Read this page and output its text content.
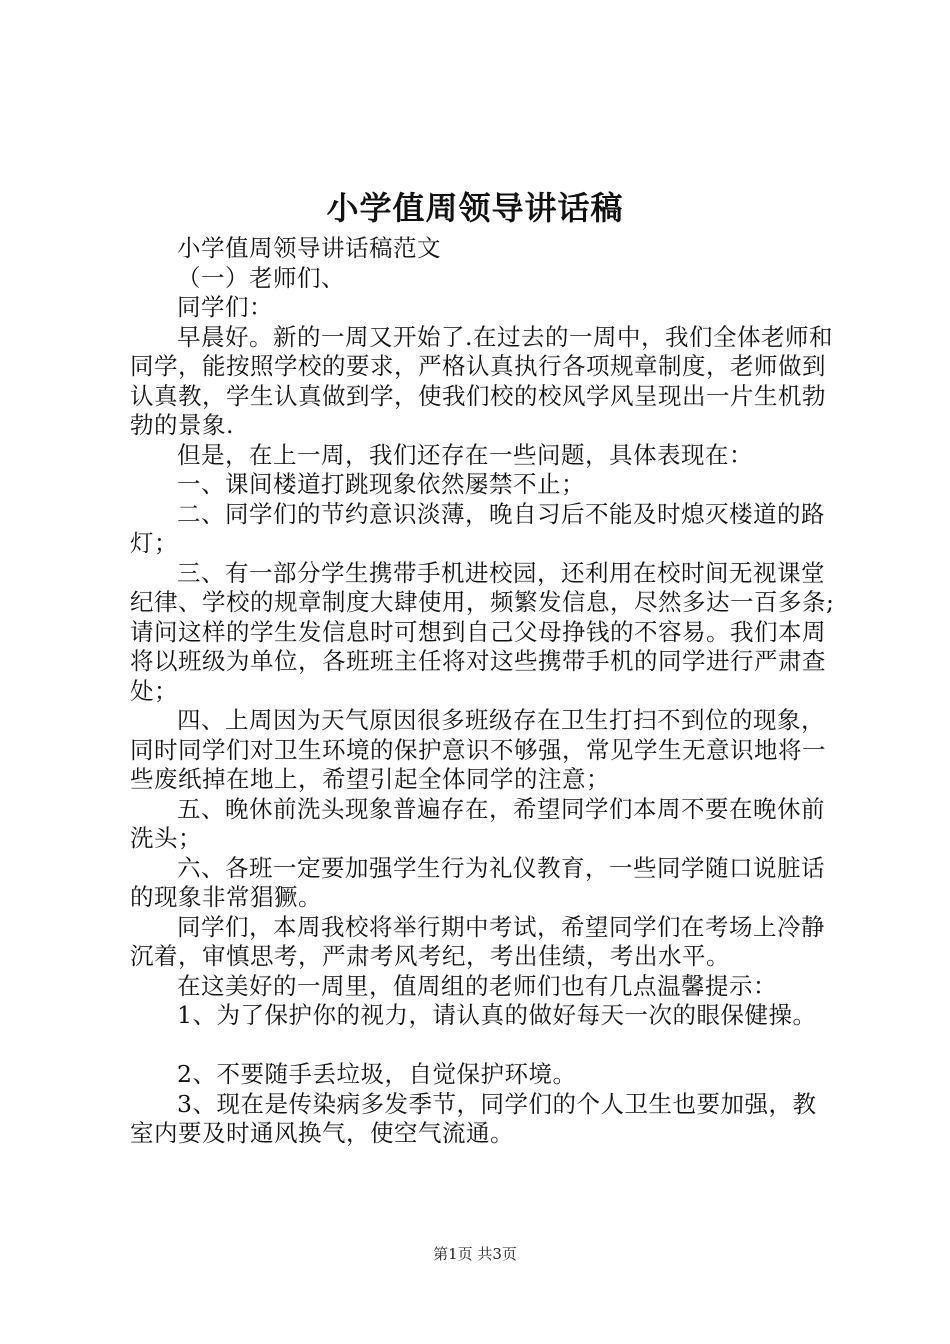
小学值周领导讲话稿

小学值周领导讲话稿范文

（一）老师们、

同学们：

早晨好。新的一周又开始了.在过去的一周中，我们全体老师和同学，能按照学校的要求，严格认真执行各项规章制度，老师做到认真教，学生认真做到学，使我们校的校风学风呈现出一片生机勃勃的景象.

但是，在上一周，我们还存在一些问题，具体表现在：

一、课间楼道打跳现象依然屡禁不止；

二、同学们的节约意识淡薄，晚自习后不能及时熄灭楼道的路灯；

三、有一部分学生携带手机进校园，还利用在校时间无视课堂纪律、学校的规章制度大肆使用，频繁发信息，尽然多达一百多条;请问这样的学生发信息时可想到自己父母挣钱的不容易。我们本周将以班级为单位，各班班主任将对这些携带手机的同学进行严肃查处；

四、上周因为天气原因很多班级存在卫生打扫不到位的现象，同时同学们对卫生环境的保护意识不够强，常见学生无意识地将一些废纸掉在地上，希望引起全体同学的注意；

五、晚休前洗头现象普遍存在，希望同学们本周不要在晚休前洗头；

六、各班一定要加强学生行为礼仪教育，一些同学随口说脏话的现象非常猖獗。

同学们，本周我校将举行期中考试，希望同学们在考场上冷静沉着，审慎思考，严肃考风考纪，考出佳绩，考出水平。

在这美好的一周里，值周组的老师们也有几点温馨提示：

1、为了保护你的视力，请认真的做好每天一次的眼保健操。

2、不要随手丢垃圾，自觉保护环境。

3、现在是传染病多发季节，同学们的个人卫生也要加强，教室内要及时通风换气，使空气流通。

第1页 共3页
